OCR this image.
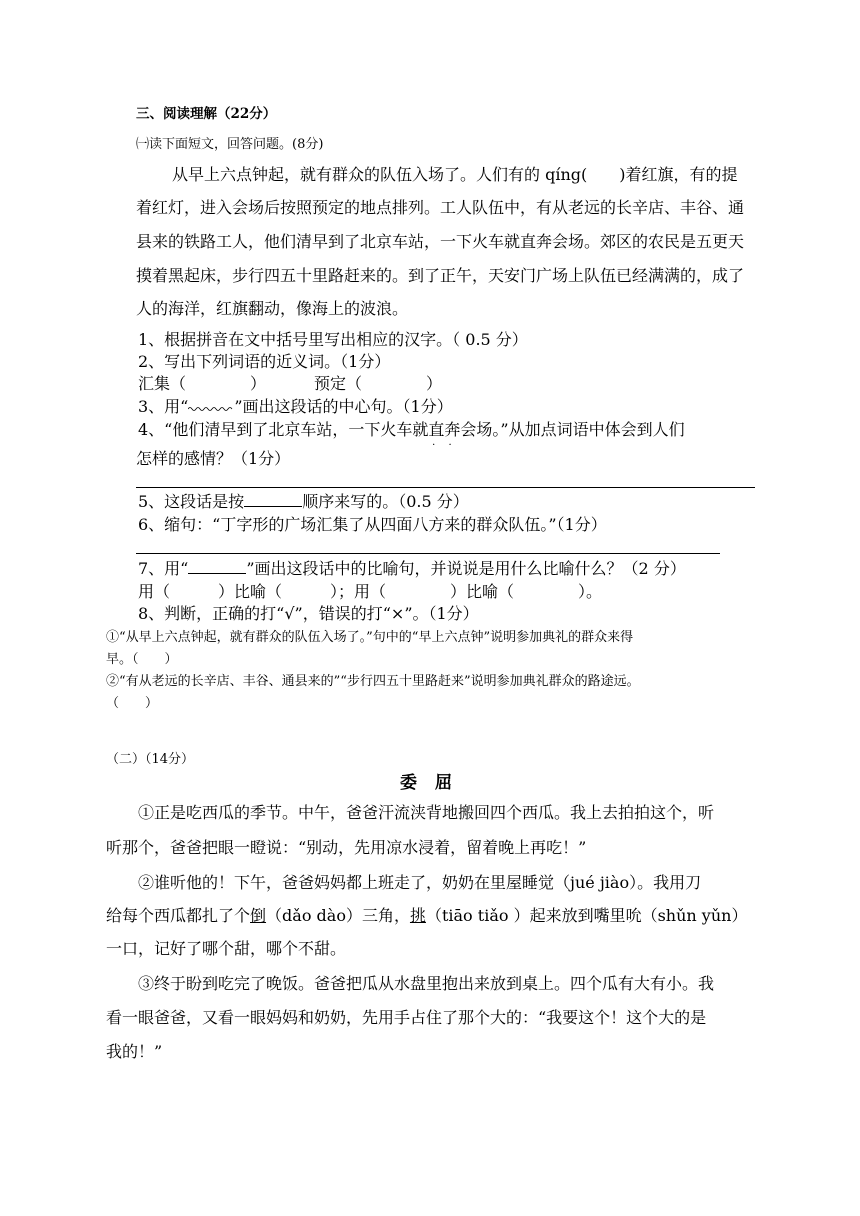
三、阅读理解（22分）
㈠读下面短文，回答问题。(8分)
从早上六点钟起，就有群众的队伍入场了。人们有的 qíng(　　)着红旗，有的提
着红灯，进入会场后按照预定的地点排列。工人队伍中，有从老远的长辛店、丰谷、通
县来的铁路工人，他们清早到了北京车站，一下火车就直奔会场。郊区的农民是五更天
摸着黑起床，步行四五十里路赶来的。到了正午，天安门广场上队伍已经满满的，成了
人的海洋，红旗翻动，像海上的波浪。
1、根据拼音在文中括号里写出相应的汉字。（ 0.5 分）
2、写出下列词语的近义词。（1分）
汇集（　　　　）	预定（　　　　）
3、用“	”画出这段话的中心句。（1分）
4、“他们清早到了北京车站，一下火车就直奔
· ·
会场。”从加点词语中体会到人们
怎样的感情？（1分）
5、这段话是按	顺序来写的。（0.5 分）
6、缩句：“丁字形的广场汇集了从四面八方来的群众队伍。”（1分）
7、用“	”画出这段话中的比喻句，并说说是用什么比喻什么？（2 分）
用（　　　）比喻（　　　）；用（　　　　）比喻（　　　　）。
8、判断，正确的打“√”，错误的打“×”。（1分）
①“从早上六点钟起，就有群众的队伍入场了。”句中的“早上六点钟”说明参加典礼的群众来得
早。（　　）
②“有从老远的长辛店、丰谷、通县来的”“步行四五十里路赶来”说明参加典礼群众的路途远。
（　　）
（二）（14分）
委屈
①正是吃西瓜的季节。中午，爸爸汗流浃背地搬回四个西瓜。我上去拍拍这个，听
听那个，爸爸把眼一瞪说：“别动，先用凉水浸着，留着晚上再吃！”
②谁听他的！下午，爸爸妈妈都上班走了，奶奶在里屋睡觉（jué jiào）。我用刀
给每个西瓜都扎了个倒（dǎo dào）三角，挑（tiāo tiǎo ）起来放到嘴里吮（shǔn yǔn）
一口，记好了哪个甜，哪个不甜。
③终于盼到吃完了晚饭。爸爸把瓜从水盘里抱出来放到桌上。四个瓜有大有小。我
看一眼爸爸，又看一眼妈妈和奶奶，先用手占住了那个大的：“我要这个！这个大的是
我的！”
